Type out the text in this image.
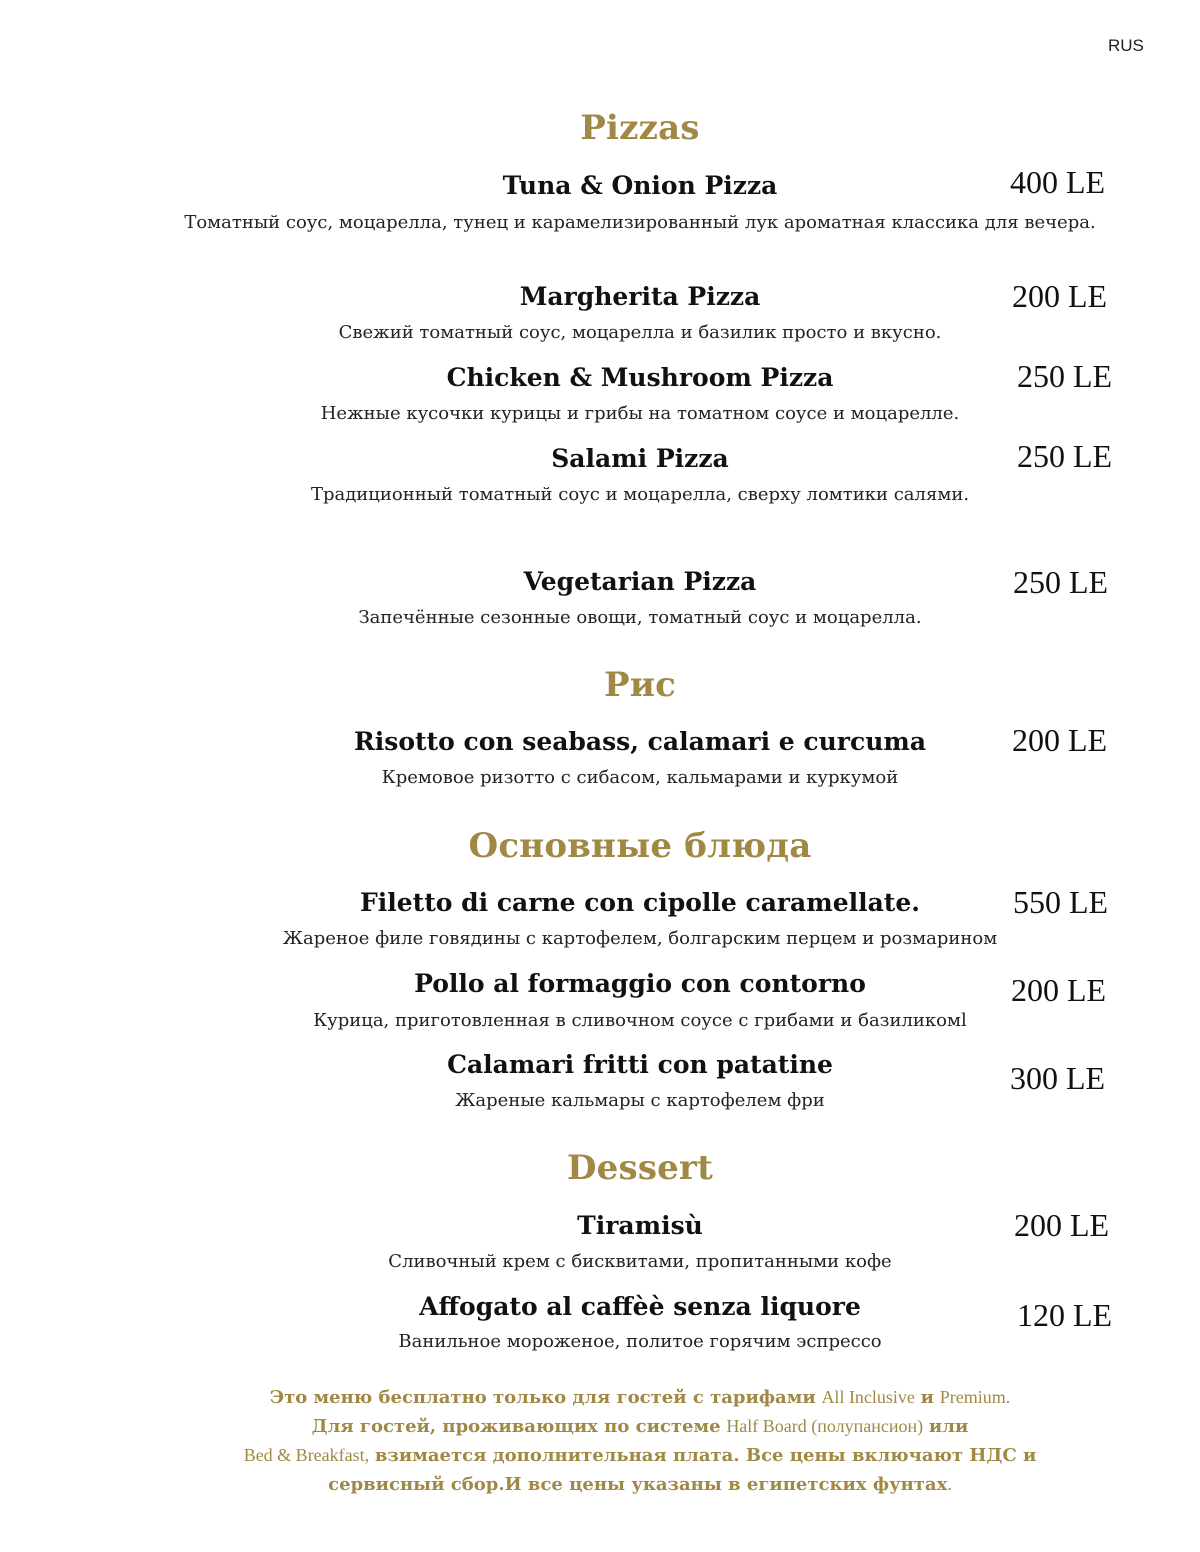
RUS
Pizzas
Tuna & Onion Pizza	400 LE
Томатный соус, моцарелла, тунец и карамелизированный лук ароматная классика для вечера.
Margherita Pizza	200 LE
Свежий томатный соус, моцарелла и базилик просто и вкусно.
Chicken & Mushroom Pizza	250 LE
Нежные кусочки курицы и грибы на томатном соусе и моцарелле.
Salami Pizza	250 LE
Традиционный томатный соус и моцарелла, сверху ломтики салями.
Vegetarian Pizza	250 LE
Запечённые сезонные овощи, томатный соус и моцарелла.
Рис
Risotto con seabass, calamari e curcuma	200 LE
Кремовое ризотто с сибасом, кальмарами и куркумой
Основные блюда
Filetto di carne con cipolle caramellate.	550 LE
Жареное филе говядины с картофелем, болгарским перцем и розмарином
Pollo al formaggio con contorno	200 LE
Курица, приготовленная в сливочном соусе с грибами и базиликомl
Calamari fritti con patatine	300 LE
Жареные кальмары с картофелем фри
Dessert
Tiramisù	200 LE
Сливочный крем с бисквитами, пропитанными кофе
Affogato al caffèè senza liquore	120 LE
Ванильное мороженое, политое горячим эспрессо
Это меню бесплатно только для гостей с тарифами All Inclusive и Premium.
Для гостей, проживающих по системе Half Board (полупансион) или
Bed & Breakfast, взимается дополнительная плата. Все цены включают НДС и сервисный сбор.И все цены указаны в египетских фунтах.
